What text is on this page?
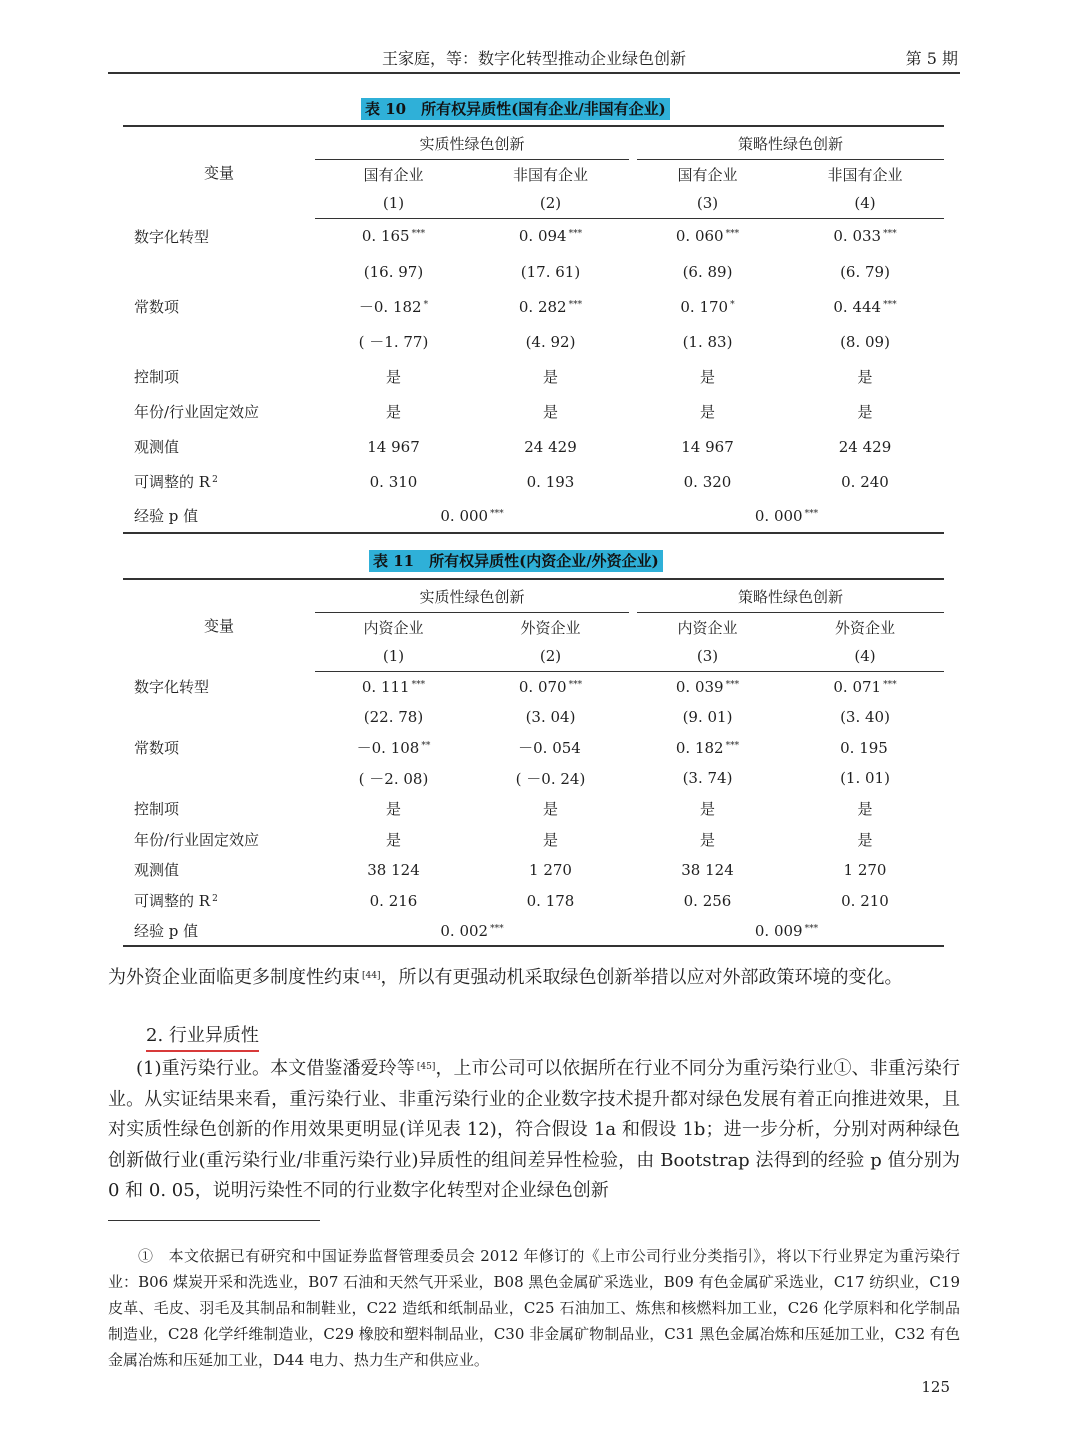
王家庭，等：数字化转型推动企业绿色创新	第 5 期
表 10　所有权异质性(国有企业/非国有企业)
变量	实质性绿色创新		策略性绿色创新	

	国有企业	非国有企业	国有企业	非国有企业
	(1)	(2)	(3)	(4)
数字化转型	0. 165 ***	0. 094 ***	0. 060 ***	0. 033 ***
	(16. 97)	(17. 61)	(6. 89)	(6. 79)
常数项	－0. 182 *	0. 282 ***	0. 170 *	0. 444 ***
	( －1. 77)	(4. 92)	(1. 83)	(8. 09)
控制项	是	是	是	是
年份/行业固定效应	是	是	是	是
观测值	14 967	24 429	14 967	24 429
可调整的 R $^2$	0. 310	0. 193	0. 320	0. 240
经验 p 值	0. 000 ***		0. 000 ***
表 11　所有权异质性(内资企业/外资企业)
变量	实质性绿色创新		策略性绿色创新	

	内资企业	外资企业	内资企业	外资企业
	(1)	(2)	(3)	(4)
数字化转型	0. 111 ***	0. 070 ***	0. 039 ***	0. 071 ***
	(22. 78)	(3. 04)	(9. 01)	(3. 40)
常数项	－0. 108 **	－0. 054	0. 182 ***	0. 195
	( －2. 08)	( －0. 24)	(3. 74)	(1. 01)
控制项	是	是	是	是
年份/行业固定效应	是	是	是	是
观测值	38 124	1 270	38 124	1 270
可调整的 R $^2$	0. 216	0. 178	0. 256	0. 210
经验 p 值	0. 002 ***		0. 009 ***
为外资企业面临更多制度性约束 [44]，所以有更强动机采取绿色创新举措以应对外部政策环境的变化。
2. 行业异质性
(1)重污染行业。本文借鉴潘爱玲等 [45]，上市公司可以依据所在行业不同分为重污染行业①、非重污染行业。从实证结果来看，重污染行业、非重污染行业的企业数字技术提升都对绿色发展有着正向推进效果，且对实质性绿色创新的作用效果更明显(详见表 12)，符合假设 1a 和假设 1b；进一步分析，分别对两种绿色创新做行业(重污染行业/非重污染行业)异质性的组间差异性检验，由 Bootstrap 法得到的经验 p 值分别为 0 和 0. 05，说明污染性不同的行业数字化转型对企业绿色创新
①　本文依据已有研究和中国证券监督管理委员会 2012 年修订的《上市公司行业分类指引》，将以下行业界定为重污染行业：B06 煤炭开采和洗选业，B07 石油和天然气开采业，B08 黑色金属矿采选业，B09 有色金属矿采选业，C17 纺织业，C19 皮革、毛皮、羽毛及其制品和制鞋业，C22 造纸和纸制品业，C25 石油加工、炼焦和核燃料加工业，C26 化学原料和化学制品制造业，C28 化学纤维制造业，C29 橡胶和塑料制品业，C30 非金属矿物制品业，C31 黑色金属冶炼和压延加工业，C32 有色金属冶炼和压延加工业，D44 电力、热力生产和供应业。
125
